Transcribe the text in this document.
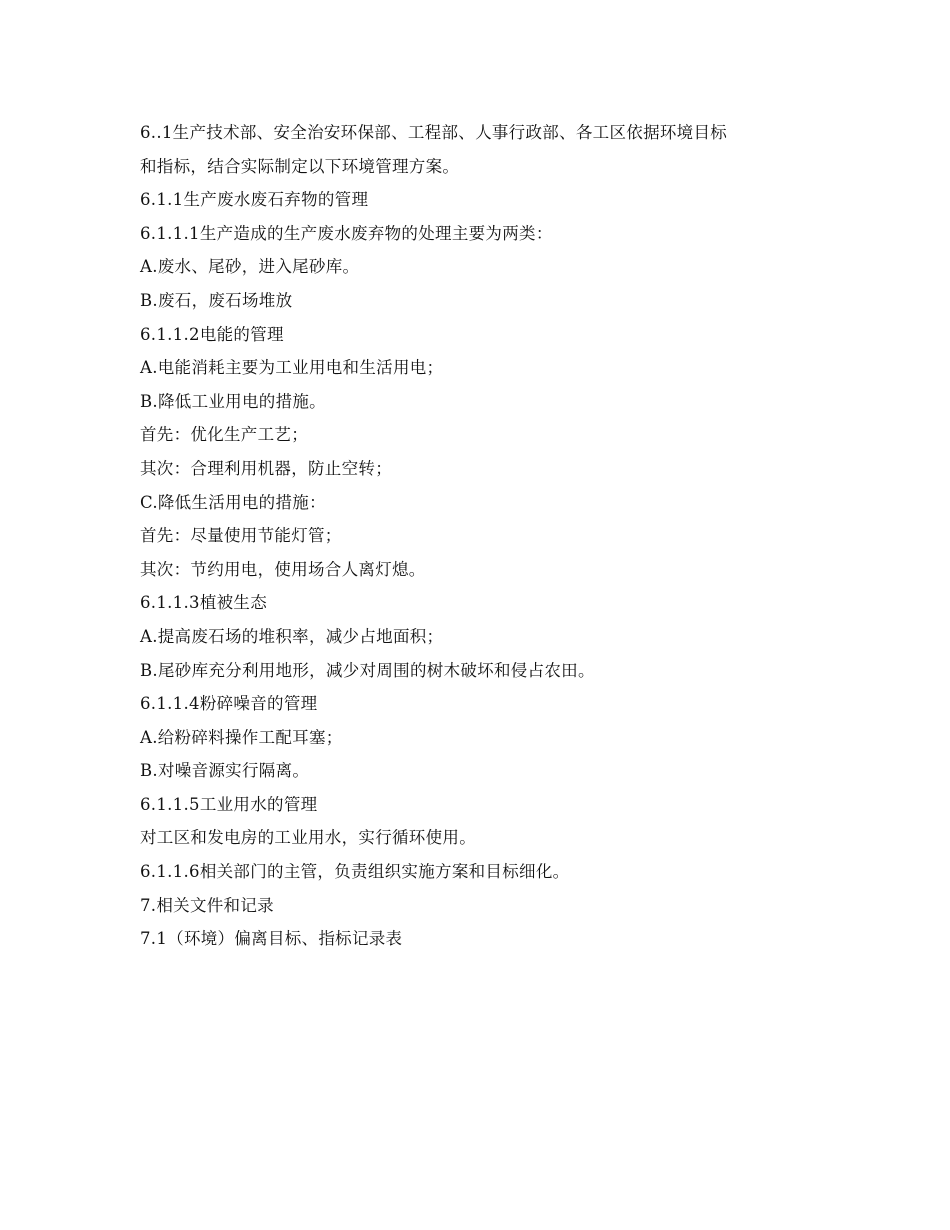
6..1生产技术部、安全治安环保部、工程部、人事行政部、各工区依据环境目标
和指标，结合实际制定以下环境管理方案。
6.1.1生产废水废石弃物的管理
6.1.1.1生产造成的生产废水废弃物的处理主要为两类：
A.废水、尾砂，进入尾砂库。
B.废石，废石场堆放
6.1.1.2电能的管理
A.电能消耗主要为工业用电和生活用电；
B.降低工业用电的措施。
首先：优化生产工艺；
其次：合理利用机器，防止空转；
C.降低生活用电的措施：
首先：尽量使用节能灯管；
其次：节约用电，使用场合人离灯熄。
6.1.1.3植被生态
A.提高废石场的堆积率，减少占地面积；
B.尾砂库充分利用地形，减少对周围的树木破坏和侵占农田。
6.1.1.4粉碎噪音的管理
A.给粉碎料操作工配耳塞；
B.对噪音源实行隔离。
6.1.1.5工业用水的管理
对工区和发电房的工业用水，实行循环使用。
6.1.1.6相关部门的主管，负责组织实施方案和目标细化。
7.相关文件和记录
7.1（环境）偏离目标、指标记录表
